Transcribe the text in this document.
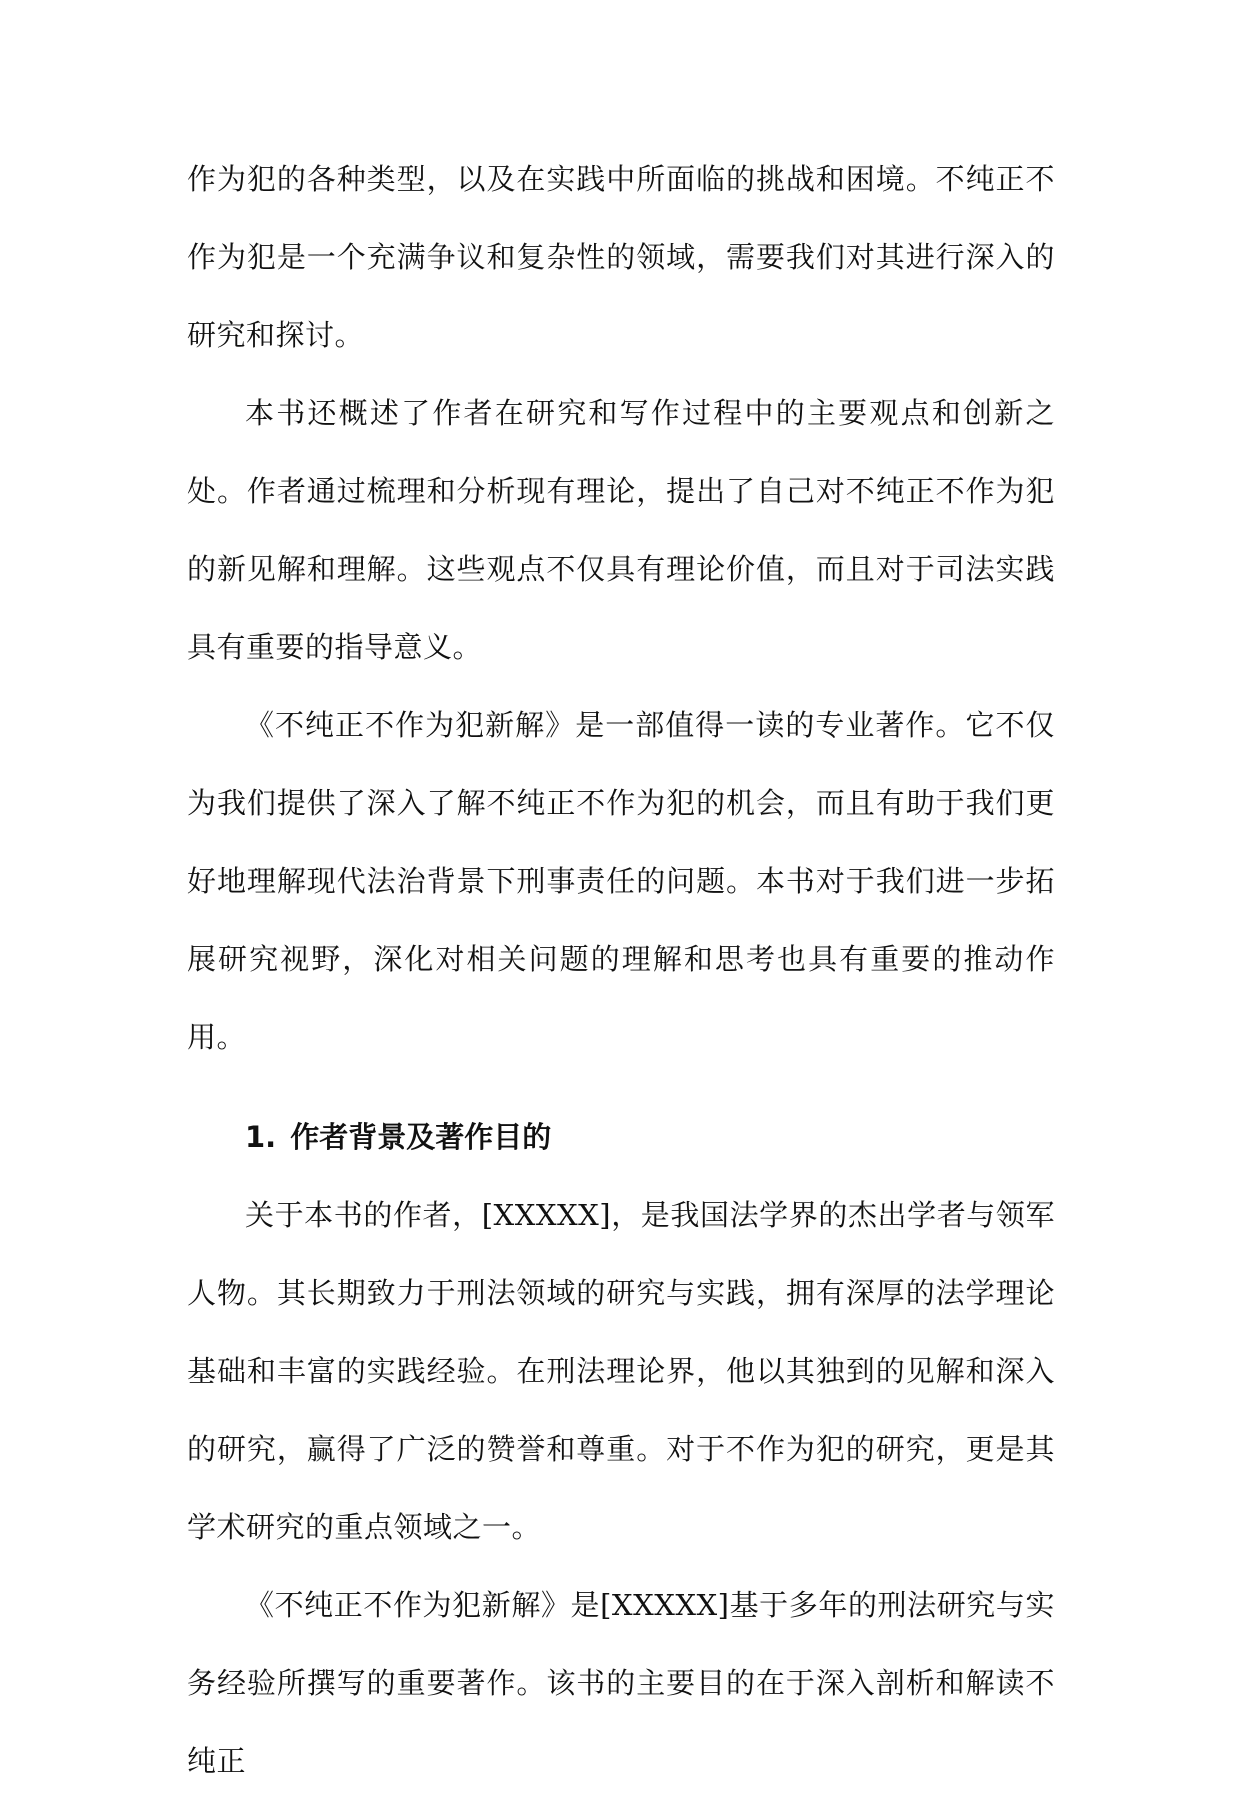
作为犯的各种类型，以及在实践中所面临的挑战和困境。不纯正不作为犯是一个充满争议和复杂性的领域，需要我们对其进行深入的研究和探讨。

本书还概述了作者在研究和写作过程中的主要观点和创新之处。作者通过梳理和分析现有理论，提出了自己对不纯正不作为犯的新见解和理解。这些观点不仅具有理论价值，而且对于司法实践具有重要的指导意义。

《不纯正不作为犯新解》是一部值得一读的专业著作。它不仅为我们提供了深入了解不纯正不作为犯的机会，而且有助于我们更好地理解现代法治背景下刑事责任的问题。本书对于我们进一步拓展研究视野，深化对相关问题的理解和思考也具有重要的推动作用。

1. 作者背景及著作目的

关于本书的作者，[XXXXX]，是我国法学界的杰出学者与领军人物。其长期致力于刑法领域的研究与实践，拥有深厚的法学理论基础和丰富的实践经验。在刑法理论界，他以其独到的见解和深入的研究，赢得了广泛的赞誉和尊重。对于不作为犯的研究，更是其学术研究的重点领域之一。

《不纯正不作为犯新解》是[XXXXX]基于多年的刑法研究与实务经验所撰写的重要著作。该书的主要目的在于深入剖析和解读不纯正
